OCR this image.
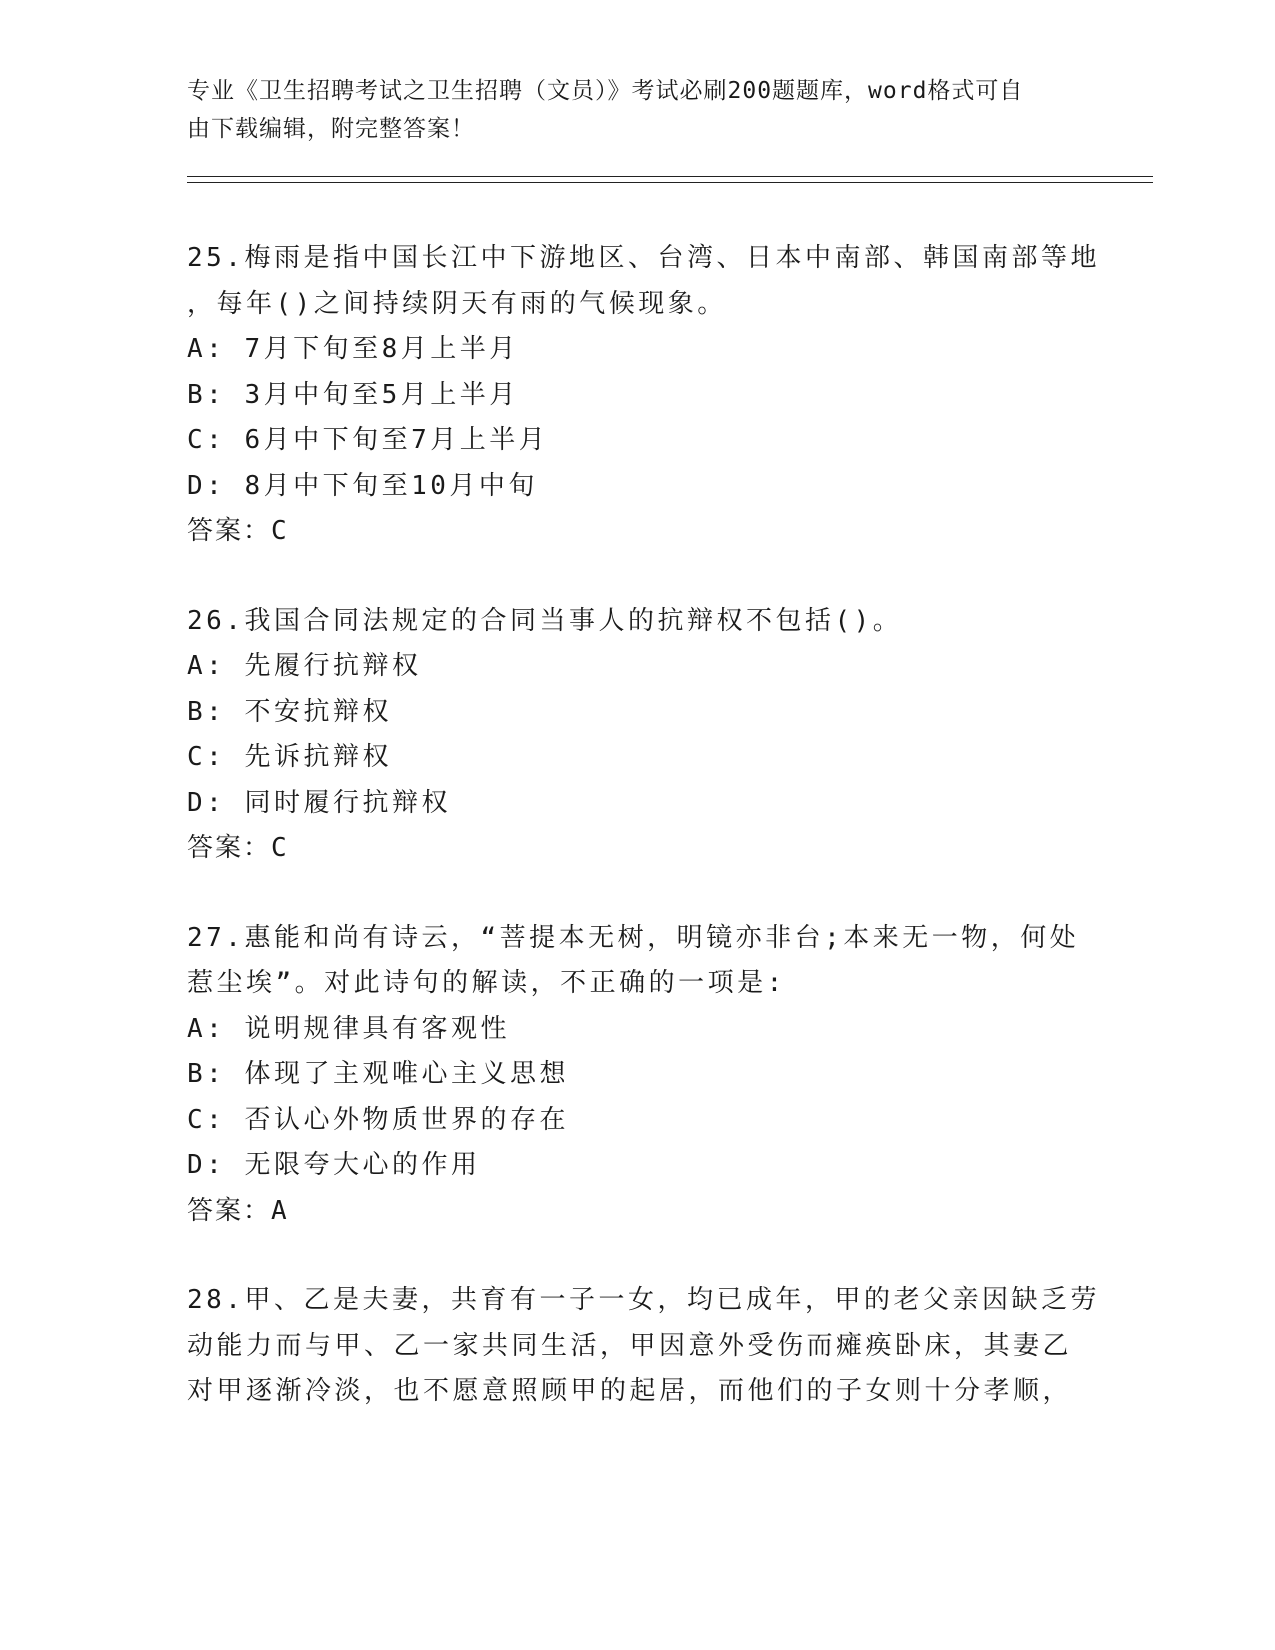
专业《卫生招聘考试之卫生招聘（文员）》考试必刷200题题库，word格式可自
由下载编辑，附完整答案！
25.梅雨是指中国长江中下游地区、台湾、日本中南部、韩国南部等地
，每年()之间持续阴天有雨的气候现象。
A: 7月下旬至8月上半月
B: 3月中旬至5月上半月
C: 6月中下旬至7月上半月
D: 8月中下旬至10月中旬
答案：C
26.我国合同法规定的合同当事人的抗辩权不包括()。
A: 先履行抗辩权
B: 不安抗辩权
C: 先诉抗辩权
D: 同时履行抗辩权
答案：C
27.惠能和尚有诗云，“菩提本无树，明镜亦非台;本来无一物，何处
惹尘埃”。对此诗句的解读，不正确的一项是:
A: 说明规律具有客观性
B: 体现了主观唯心主义思想
C: 否认心外物质世界的存在
D: 无限夸大心的作用
答案：A
28.甲、乙是夫妻，共育有一子一女，均已成年，甲的老父亲因缺乏劳
动能力而与甲、乙一家共同生活，甲因意外受伤而瘫痪卧床，其妻乙
对甲逐渐冷淡，也不愿意照顾甲的起居，而他们的子女则十分孝顺，
